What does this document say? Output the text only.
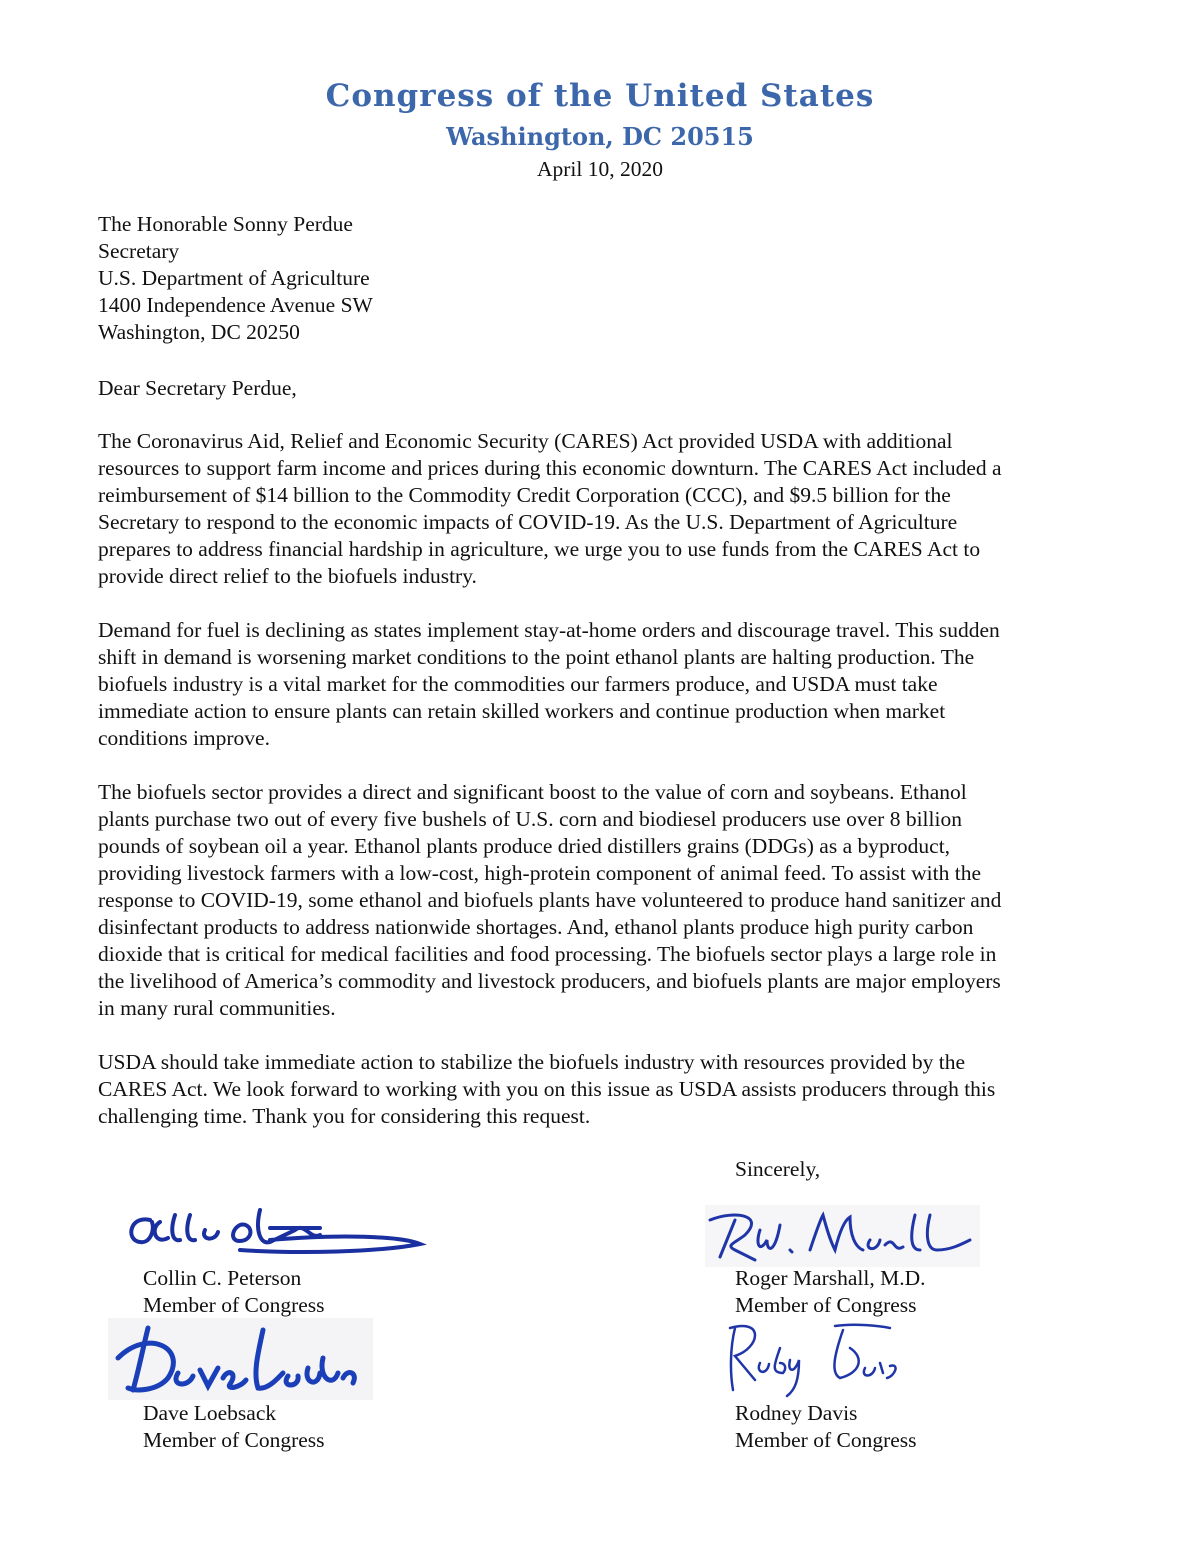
Congress of the United States
Washington, DC 20515
April 10, 2020
The Honorable Sonny Perdue
Secretary
U.S. Department of Agriculture
1400 Independence Avenue SW
Washington, DC 20250
Dear Secretary Perdue,
The Coronavirus Aid, Relief and Economic Security (CARES) Act provided USDA with additional
resources to support farm income and prices during this economic downturn. The CARES Act included a
reimbursement of $14 billion to the Commodity Credit Corporation (CCC), and $9.5 billion for the
Secretary to respond to the economic impacts of COVID-19. As the U.S. Department of Agriculture
prepares to address financial hardship in agriculture, we urge you to use funds from the CARES Act to
provide direct relief to the biofuels industry.
Demand for fuel is declining as states implement stay-at-home orders and discourage travel. This sudden
shift in demand is worsening market conditions to the point ethanol plants are halting production. The
biofuels industry is a vital market for the commodities our farmers produce, and USDA must take
immediate action to ensure plants can retain skilled workers and continue production when market
conditions improve.
The biofuels sector provides a direct and significant boost to the value of corn and soybeans. Ethanol
plants purchase two out of every five bushels of U.S. corn and biodiesel producers use over 8 billion
pounds of soybean oil a year. Ethanol plants produce dried distillers grains (DDGs) as a byproduct,
providing livestock farmers with a low-cost, high-protein component of animal feed. To assist with the
response to COVID-19, some ethanol and biofuels plants have volunteered to produce hand sanitizer and
disinfectant products to address nationwide shortages. And, ethanol plants produce high purity carbon
dioxide that is critical for medical facilities and food processing. The biofuels sector plays a large role in
the livelihood of America’s commodity and livestock producers, and biofuels plants are major employers
in many rural communities.
USDA should take immediate action to stabilize the biofuels industry with resources provided by the
CARES Act. We look forward to working with you on this issue as USDA assists producers through this
challenging time. Thank you for considering this request.
Sincerely,
Collin C. Peterson
Member of Congress
Roger Marshall, M.D.
Member of Congress
Dave Loebsack
Member of Congress
Rodney Davis
Member of Congress
